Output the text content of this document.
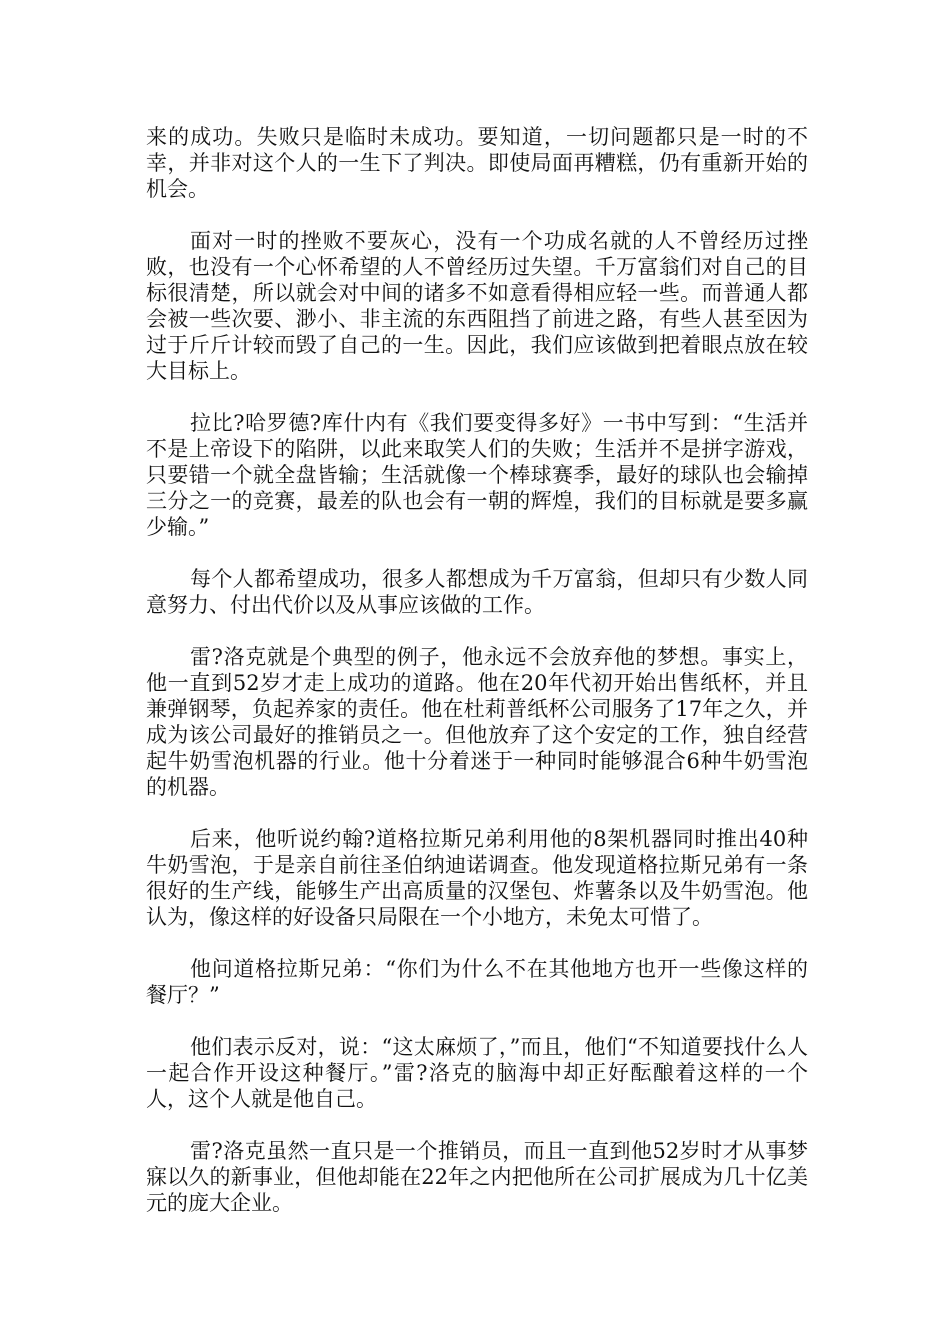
来的成功。失败只是临时未成功。要知道，一切问题都只是一时的不幸，并非对这个人的一生下了判决。即使局面再糟糕，仍有重新开始的机会。

面对一时的挫败不要灰心，没有一个功成名就的人不曾经历过挫败，也没有一个心怀希望的人不曾经历过失望。千万富翁们对自己的目标很清楚，所以就会对中间的诸多不如意看得相应轻一些。而普通人都会被一些次要、渺小、非主流的东西阻挡了前进之路，有些人甚至因为过于斤斤计较而毁了自己的一生。因此，我们应该做到把着眼点放在较大目标上。

拉比?哈罗德?库什内有《我们要变得多好》一书中写到：“生活并不是上帝设下的陷阱，以此来取笑人们的失败；生活并不是拼字游戏，只要错一个就全盘皆输；生活就像一个棒球赛季，最好的球队也会输掉三分之一的竞赛，最差的队也会有一朝的辉煌，我们的目标就是要多赢少输。”

每个人都希望成功，很多人都想成为千万富翁，但却只有少数人同意努力、付出代价以及从事应该做的工作。

雷?洛克就是个典型的例子，他永远不会放弃他的梦想。事实上，他一直到52岁才走上成功的道路。他在20年代初开始出售纸杯，并且兼弹钢琴，负起养家的责任。他在杜莉普纸杯公司服务了17年之久，并成为该公司最好的推销员之一。但他放弃了这个安定的工作，独自经营起牛奶雪泡机器的行业。他十分着迷于一种同时能够混合6种牛奶雪泡的机器。

后来，他听说约翰?道格拉斯兄弟利用他的8架机器同时推出40种牛奶雪泡，于是亲自前往圣伯纳迪诺调查。他发现道格拉斯兄弟有一条很好的生产线，能够生产出高质量的汉堡包、炸薯条以及牛奶雪泡。他认为，像这样的好设备只局限在一个小地方，未免太可惜了。

他问道格拉斯兄弟：“你们为什么不在其他地方也开一些像这样的餐厅？”

他们表示反对，说：“这太麻烦了，”而且，他们“不知道要找什么人一起合作开设这种餐厅。”雷?洛克的脑海中却正好酝酿着这样的一个人，这个人就是他自己。

雷?洛克虽然一直只是一个推销员，而且一直到他52岁时才从事梦寐以久的新事业，但他却能在22年之内把他所在公司扩展成为几十亿美元的庞大企业。
